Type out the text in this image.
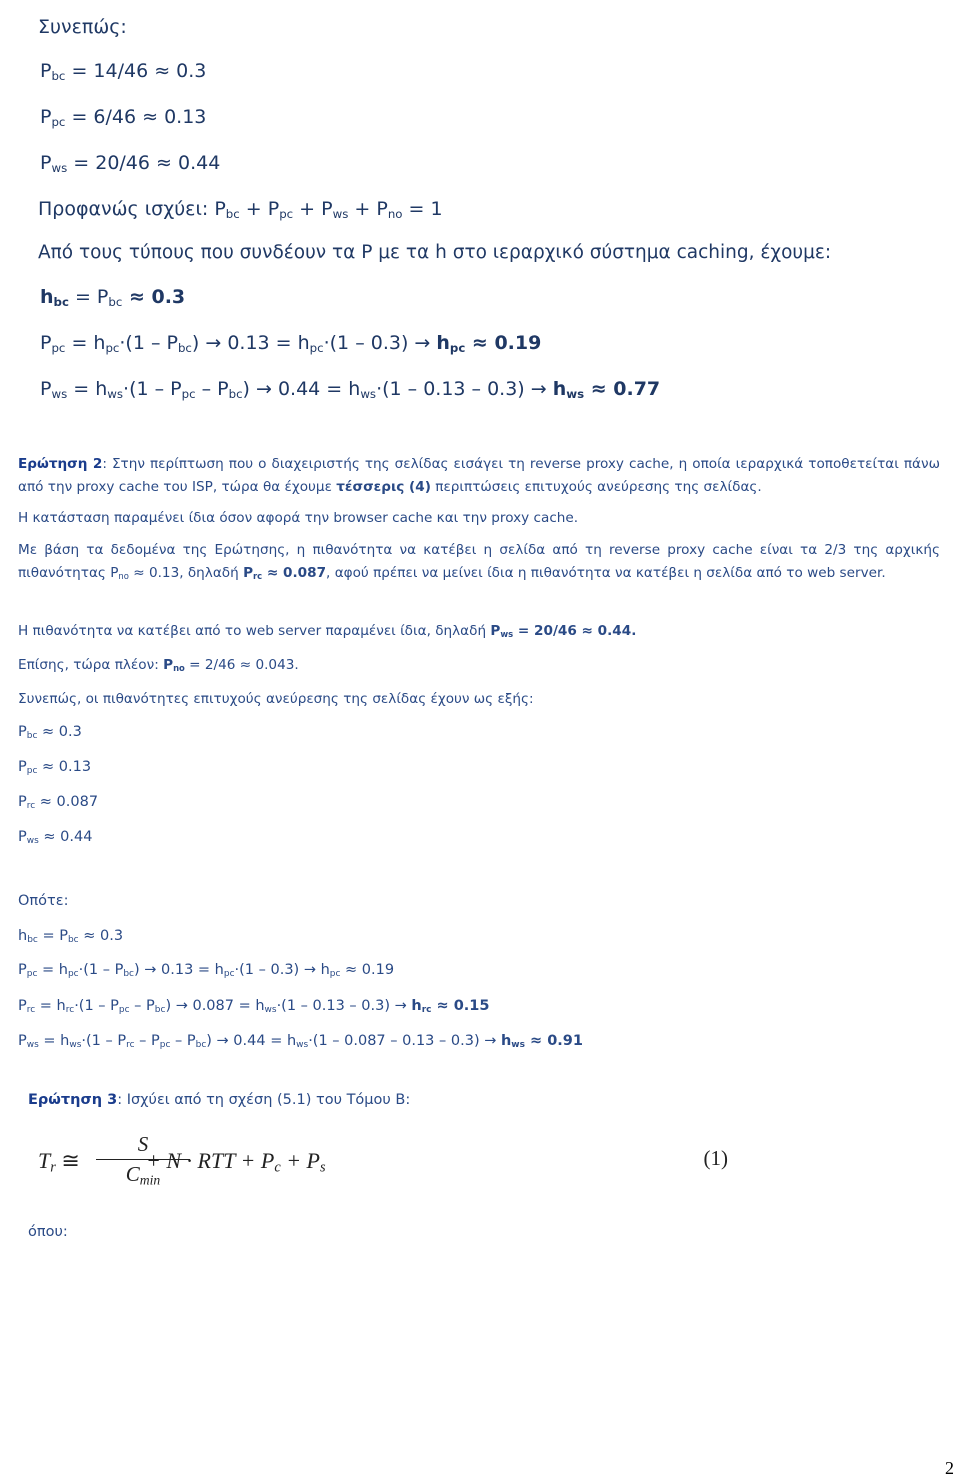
Συνεπώς:

$P_{bc} = 14/46 \approx 0.3$

$P_{pc} = 6/46 \approx 0.13$

$P_{ws} = 20/46 \approx 0.44$

Προφανώς ισχύει: $P_{bc} + P_{pc} + P_{ws} + P_{no} = 1$

Από τους τύπους που συνδέουν τα P με τα h στο ιεραρχικό σύστημα caching, έχουμε:

$h_{bc} = P_{bc} \approx 0.3$

$P_{pc} = h_{pc}\cdot(1 - P_{bc}) \to 0.13 = h_{pc}\cdot(1 - 0.3) \to h_{pc} \approx 0.19$

$P_{ws} = h_{ws}\cdot(1 - P_{pc} - P_{bc}) \to 0.44 = h_{ws}\cdot(1 - 0.13 - 0.3) \to h_{ws} \approx 0.77$

Ερώτηση 2: Στην περίπτωση που ο διαχειριστής της σελίδας εισάγει τη reverse proxy cache, η οποία ιεραρχικά τοποθετείται πάνω από την proxy cache του ISP, τώρα θα έχουμε τέσσερις (4) περιπτώσεις επιτυχούς ανεύρεσης της σελίδας.

Η κατάσταση παραμένει ίδια όσον αφορά την browser cache και την proxy cache.

Με βάση τα δεδομένα της Ερώτησης, η πιθανότητα να κατέβει η σελίδα από τη reverse proxy cache είναι τα 2/3 της αρχικής πιθανότητας $P_{no} \approx 0.13$, δηλαδή $P_{rc} \approx 0.087$, αφού πρέπει να μείνει ίδια η πιθανότητα να κατέβει η σελίδα από το web server.

Η πιθανότητα να κατέβει από το web server παραμένει ίδια, δηλαδή $P_{ws} = 20/46 \approx 0.44$.

Επίσης, τώρα πλέον: $P_{no} = 2/46 \approx 0.043$.

Συνεπώς, οι πιθανότητες επιτυχούς ανεύρεσης της σελίδας έχουν ως εξής:

$P_{bc} \approx 0.3$

$P_{pc} \approx 0.13$

$P_{rc} \approx 0.087$

$P_{ws} \approx 0.44$

Οπότε:

$h_{bc} = P_{bc} \approx 0.3$

$P_{pc} = h_{pc}\cdot(1 - P_{bc}) \to 0.13 = h_{pc}\cdot(1 - 0.3) \to h_{pc} \approx 0.19$

$P_{rc} = h_{rc}\cdot(1 - P_{pc} - P_{bc}) \to 0.087 = h_{ws}\cdot(1 - 0.13 - 0.3) \to h_{rc} \approx 0.15$

$P_{ws} = h_{ws}\cdot(1 - P_{rc} - P_{pc} - P_{bc}) \to 0.44 = h_{ws}\cdot(1 - 0.087 - 0.13 - 0.3) \to h_{ws} \approx 0.91$

Ερώτηση 3: Ισχύει από τη σχέση (5.1) του Τόμου Β:

$T_r$ ≅
S
$C_{min}$
+ N · RTT + $P_c + P_s$	(1)

όπου:

2
